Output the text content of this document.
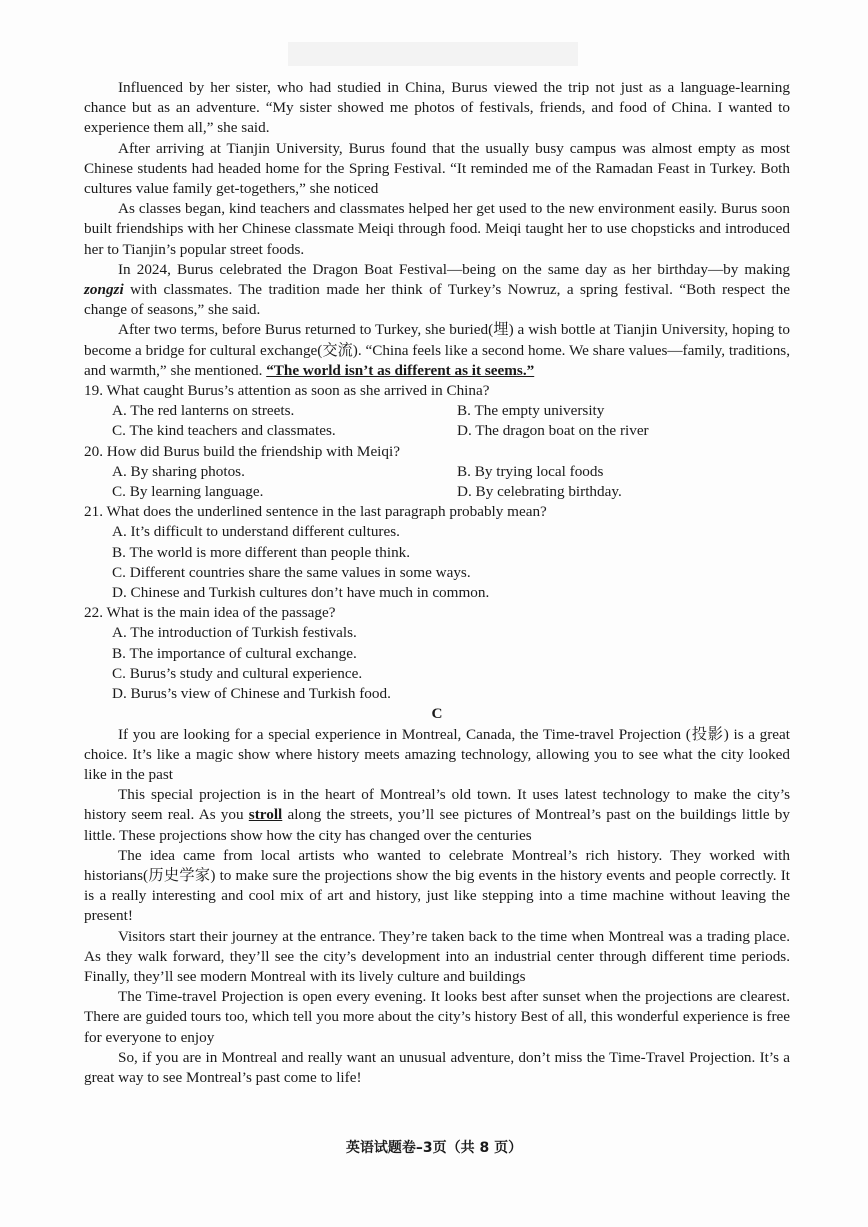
Influenced by her sister, who had studied in China, Burus viewed the trip not just as a language-learning chance but as an adventure. “My sister showed me photos of festivals, friends, and food of China. I wanted to experience them all,” she said.

After arriving at Tianjin University, Burus found that the usually busy campus was almost empty as most Chinese students had headed home for the Spring Festival. “It reminded me of the Ramadan Feast in Turkey. Both cultures value family get-togethers,” she noticed

As classes began, kind teachers and classmates helped her get used to the new environment easily. Burus soon built friendships with her Chinese classmate Meiqi through food. Meiqi taught her to use chopsticks and introduced her to Tianjin’s popular street foods.

In 2024, Burus celebrated the Dragon Boat Festival—being on the same day as her birthday—by making zongzi with classmates. The tradition made her think of Turkey’s Nowruz, a spring festival. “Both respect the change of seasons,” she said.

After two terms, before Burus returned to Turkey, she buried(埋) a wish bottle at Tianjin University, hoping to become a bridge for cultural exchange(交流). “China feels like a second home. We share values—family, traditions, and warmth,” she mentioned. “The world isn’t as different as it seems.”

19. What caught Burus’s attention as soon as she arrived in China?
A. The red lanterns on streets.	B. The empty university
C. The kind teachers and classmates.	D. The dragon boat on the river
20. How did Burus build the friendship with Meiqi?
A. By sharing photos.	B. By trying local foods
C. By learning language.	D. By celebrating birthday.
21. What does the underlined sentence in the last paragraph probably mean?
A. It’s difficult to understand different cultures.
B. The world is more different than people think.
C. Different countries share the same values in some ways.
D. Chinese and Turkish cultures don’t have much in common.
22. What is the main idea of the passage?
A. The introduction of Turkish festivals.
B. The importance of cultural exchange.
C. Burus’s study and cultural experience.
D. Burus’s view of Chinese and Turkish food.
C

If you are looking for a special experience in Montreal, Canada, the Time-travel Projection (投影) is a great choice. It’s like a magic show where history meets amazing technology, allowing you to see what the city looked like in the past

This special projection is in the heart of Montreal’s old town. It uses latest technology to make the city’s history seem real. As you stroll along the streets, you’ll see pictures of Montreal’s past on the buildings little by little. These projections show how the city has changed over the centuries

The idea came from local artists who wanted to celebrate Montreal’s rich history. They worked with historians(历史学家) to make sure the projections show the big events in the history events and people correctly. It is a really interesting and cool mix of art and history, just like stepping into a time machine without leaving the present!

Visitors start their journey at the entrance. They’re taken back to the time when Montreal was a trading place. As they walk forward, they’ll see the city’s development into an industrial center through different time periods. Finally, they’ll see modern Montreal with its lively culture and buildings

The Time-travel Projection is open every evening. It looks best after sunset when the projections are clearest. There are guided tours too, which tell you more about the city’s history Best of all, this wonderful experience is free for everyone to enjoy

So, if you are in Montreal and really want an unusual adventure, don’t miss the Time-Travel Projection. It’s a great way to see Montreal’s past come to life!

英语试题卷–3页（共 8 页）
